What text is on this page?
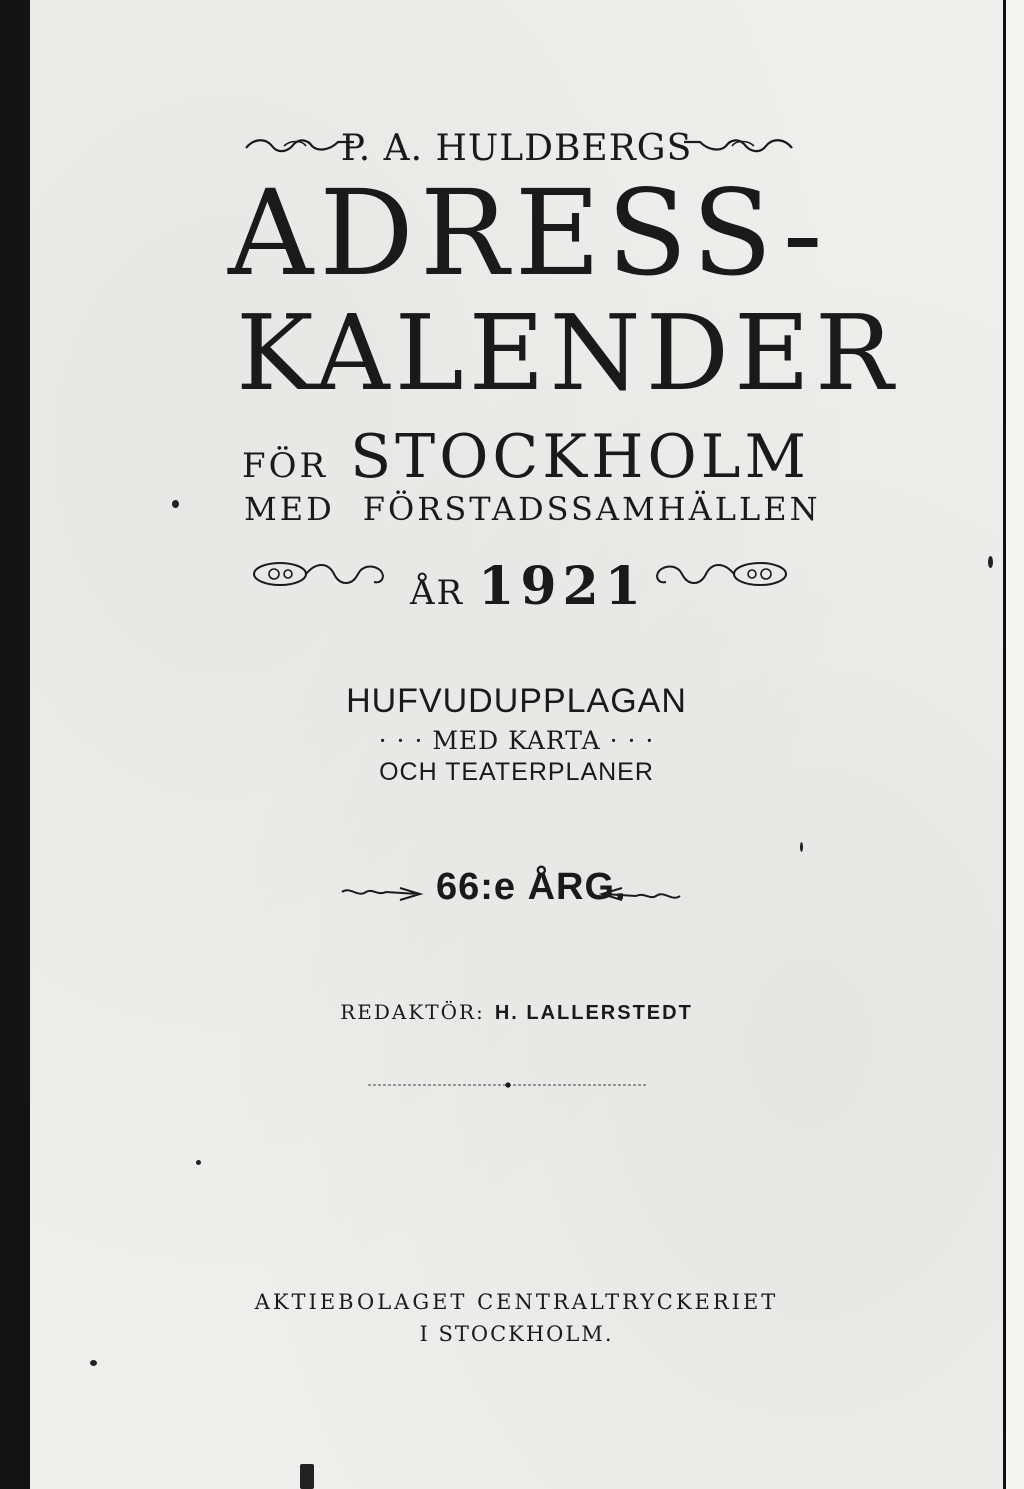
P. A. HULDBERGS
ADRESS-
KALENDER
FÖR STOCKHOLM
MED FÖRSTADSSAMHÄLLEN
ÅR 1921
HUFVUDUPPLAGAN
· · · MED KARTA · · ·
OCH TEATERPLANER
66:e ÅRG.
REDAKTÖR: H. LALLERSTEDT
AKTIEBOLAGET CENTRALTRYCKERIET
I STOCKHOLM.
